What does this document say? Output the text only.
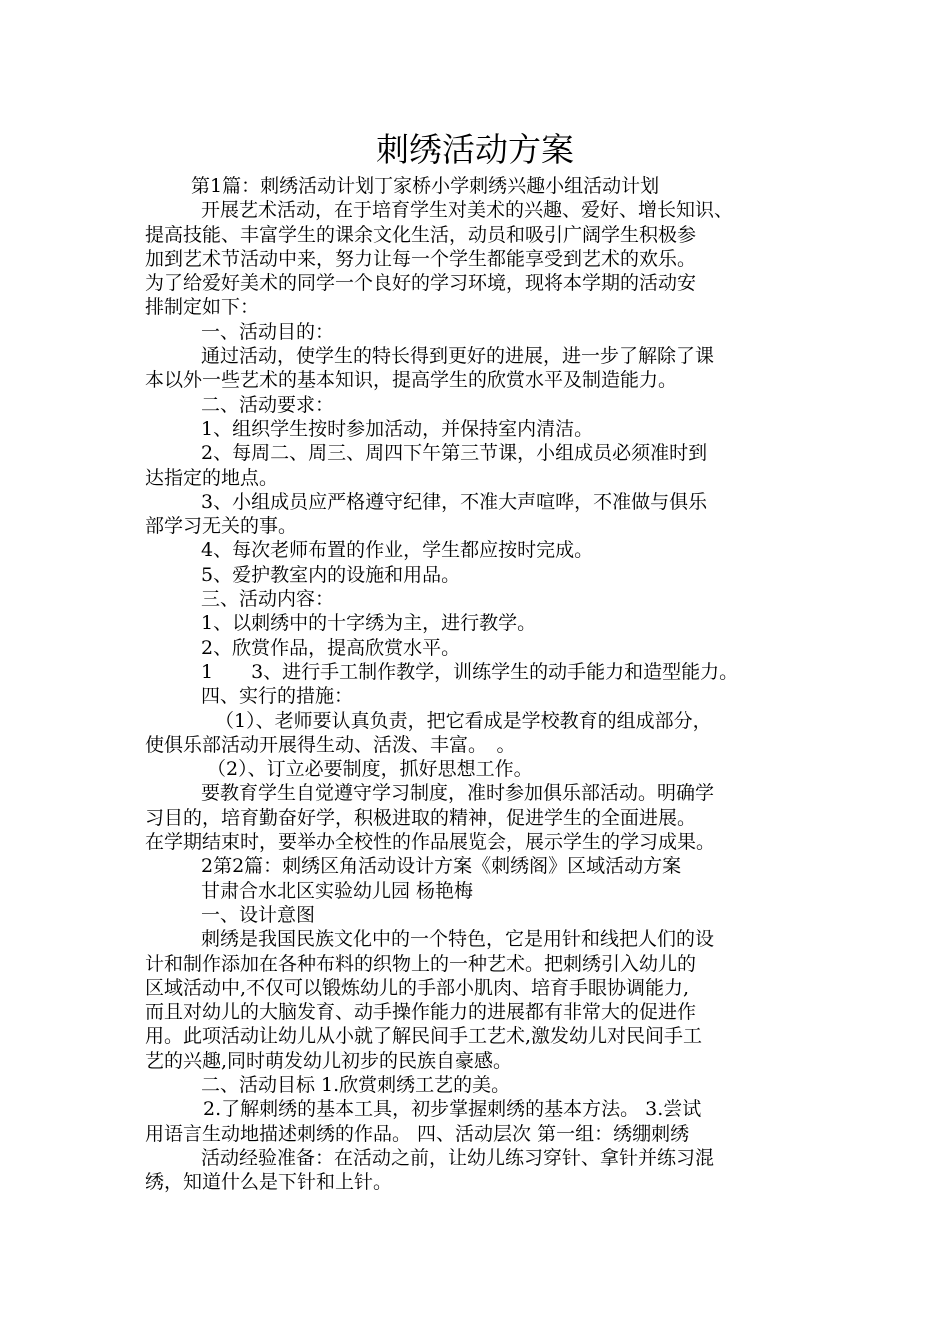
刺绣活动方案
第1篇：刺绣活动计划丁家桥小学刺绣兴趣小组活动计划
开展艺术活动，在于培育学生对美术的兴趣、爱好、增长知识、
提高技能、丰富学生的课余文化生活，动员和吸引广阔学生积极参
加到艺术节活动中来，努力让每一个学生都能享受到艺术的欢乐。
为了给爱好美术的同学一个良好的学习环境，现将本学期的活动安
排制定如下：
一、活动目的：
通过活动，使学生的特长得到更好的进展，进一步了解除了课
本以外一些艺术的基本知识，提高学生的欣赏水平及制造能力。
二、活动要求：
1、组织学生按时参加活动，并保持室内清洁。
2、每周二、周三、周四下午第三节课，小组成员必须准时到
达指定的地点。
3、小组成员应严格遵守纪律，不准大声喧哗，不准做与俱乐
部学习无关的事。
4、每次老师布置的作业，学生都应按时完成。
5、爱护教室内的设施和用品。
三、活动内容：
1、以刺绣中的十字绣为主，进行教学。
2、欣赏作品，提高欣赏水平。
1　　3、进行手工制作教学，训练学生的动手能力和造型能力。
四、实行的措施：
（1）、老师要认真负责，把它看成是学校教育的组成部分，
使俱乐部活动开展得生动、活泼、丰富。　。
（2）、订立必要制度，抓好思想工作。
要教育学生自觉遵守学习制度，准时参加俱乐部活动。明确学
习目的，培育勤奋好学，积极进取的精神，促进学生的全面进展。
在学期结束时，要举办全校性的作品展览会，展示学生的学习成果。
2第2篇：刺绣区角活动设计方案《刺绣阁》区域活动方案
甘肃合水北区实验幼儿园 杨艳梅
一、设计意图
刺绣是我国民族文化中的一个特色，它是用针和线把人们的设
计和制作添加在各种布料的织物上的一种艺术。把刺绣引入幼儿的
区域活动中,不仅可以锻炼幼儿的手部小肌肉、培育手眼协调能力,
而且对幼儿的大脑发育、动手操作能力的进展都有非常大的促进作
用。此项活动让幼儿从小就了解民间手工艺术,激发幼儿对民间手工
艺的兴趣,同时萌发幼儿初步的民族自豪感。
二、活动目标 1.欣赏刺绣工艺的美。
2.了解刺绣的基本工具，初步掌握刺绣的基本方法。 3.尝试
用语言生动地描述刺绣的作品。 四、活动层次 第一组：绣绷刺绣
活动经验准备：在活动之前，让幼儿练习穿针、拿针并练习混
绣，知道什么是下针和上针。
